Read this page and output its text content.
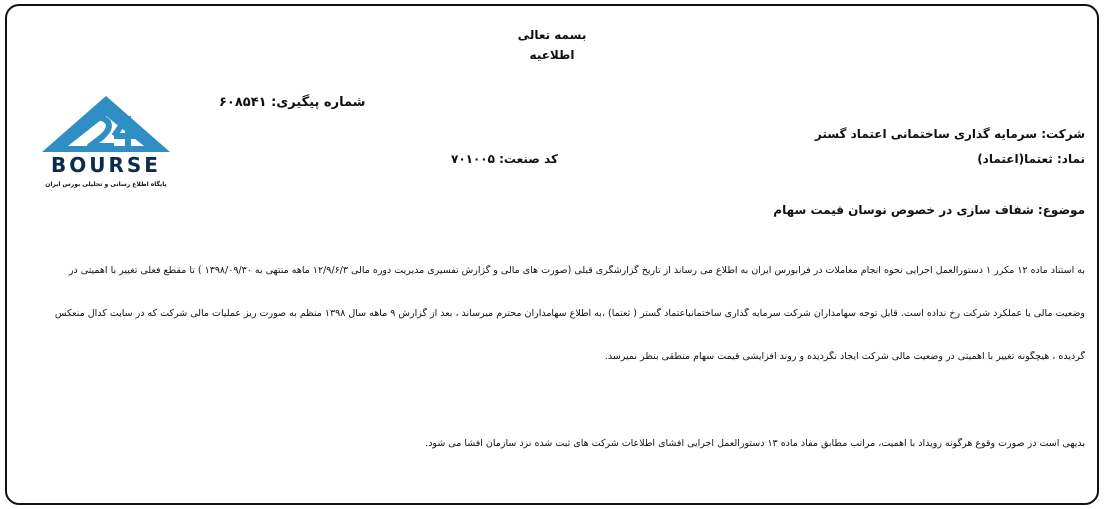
بسمه تعالی
اطلاعیه
BOURSE
پایگاه اطلاع رسانی و تحلیلی بورس ایران
شماره پیگیری: ۶۰۸۵۴۱
شرکت: سرمایه گذاری ساختمانی اعتماد گستر
نماد: ثعتما(اعتماد)
کد صنعت: ۷۰۱۰۰۵
موضوع: شفاف سازی در خصوص نوسان قیمت سهام
به استناد ماده ۱۲ مکرر ۱ دستورالعمل اجرایی نحوه انجام معاملات در فرابورس ایران به اطلاع می رساند از تاریخ گزارشگری قبلی (صورت های مالی و گزارش تفسیری مدیریت دوره مالی ۱۲/۹/۶/۳ ماهه منتهی به ۱۳۹۸/۰۹/۳۰ ) تا مقطع فعلی تغییر با اهمیتی در
وضعیت مالی یا عملکرد شرکت رخ نداده است. قابل توجه سهامداران شرکت سرمایه گذاری ساختمانیاعتماد گستر ( ثعتما) ،به اطلاع سهامداران محترم میرساند ، بعد از گزارش ۹ ماهه سال ۱۳۹۸ منظم به صورت ریز عملیات مالی شرکت که در سایت کدال منعکس
گردیده ، هیچگونه تغییر با اهمیتی در وضعیت مالی شرکت ایجاد نگردیده و روند افزایشی قیمت سهام منطقی بنظر نمیرسد.
بدیهی است در صورت وقوع هرگونه رویداد با اهمیت، مراتب مطابق مفاد ماده ۱۳ دستورالعمل اجرایی افشای اطلاعات شرکت های ثبت شده نزد سازمان افشا می شود.
